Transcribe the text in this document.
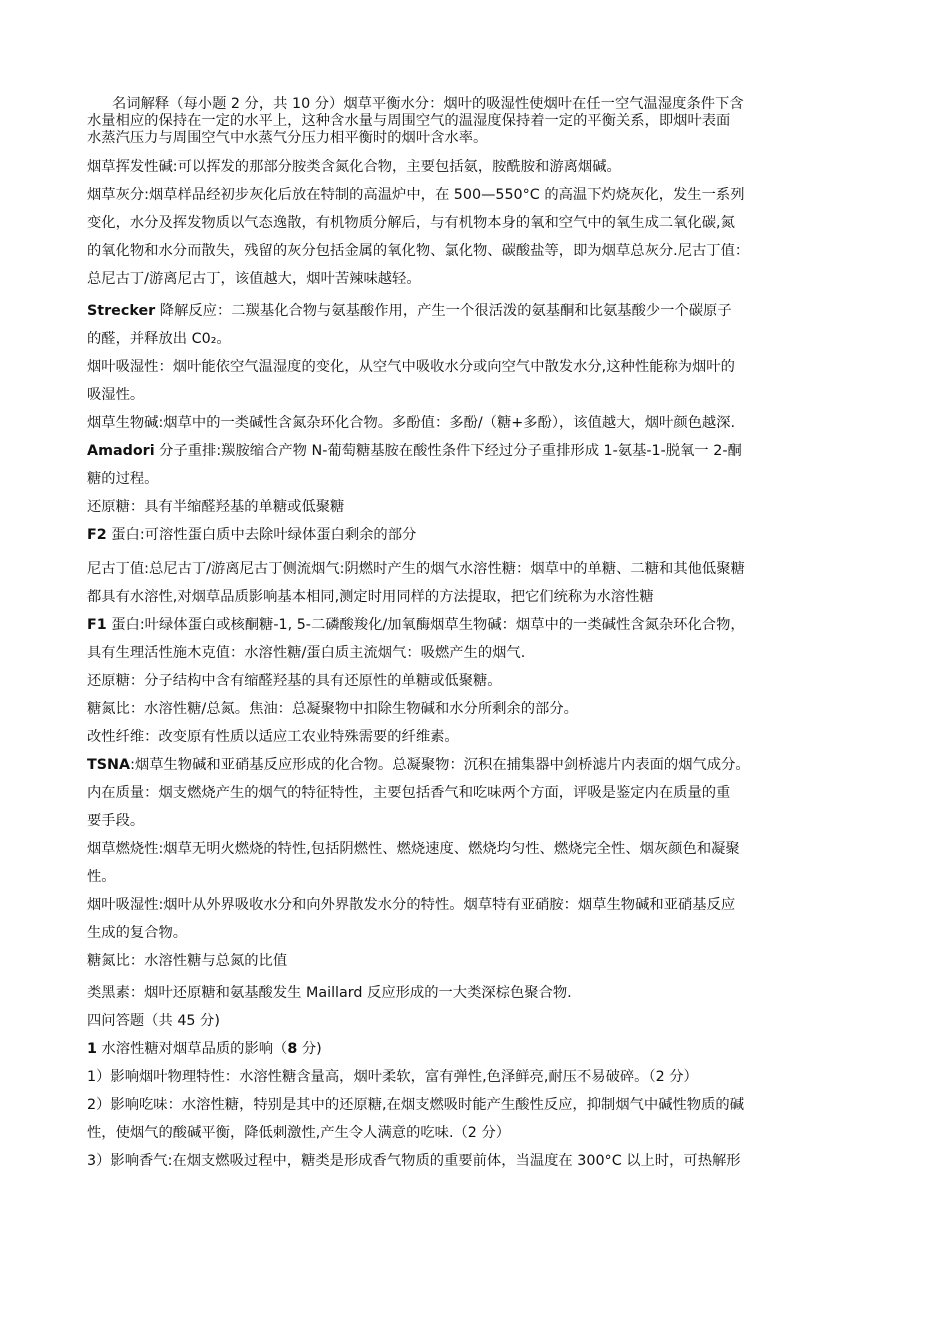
名词解释（每小题 2 分，共 10 分）烟草平衡水分：烟叶的吸湿性使烟叶在任一空气温湿度条件下含

水量相应的保持在一定的水平上，这种含水量与周围空气的温湿度保持着一定的平衡关系，即烟叶表面

水蒸汽压力与周围空气中水蒸气分压力相平衡时的烟叶含水率。

烟草挥发性碱:可以挥发的那部分胺类含氮化合物，主要包括氨，胺酰胺和游离烟碱。

烟草灰分:烟草样品经初步灰化后放在特制的高温炉中，在 500—550°C 的高温下灼烧灰化，发生一系列

变化，水分及挥发物质以气态逸散，有机物质分解后，与有机物本身的氧和空气中的氧生成二氧化碳,氮

的氧化物和水分而散失，残留的灰分包括金属的氧化物、氯化物、碳酸盐等，即为烟草总灰分.尼古丁值：

总尼古丁/游离尼古丁，该值越大，烟叶苦辣味越轻。

Strecker 降解反应：二羰基化合物与氨基酸作用，产生一个很活泼的氨基酮和比氨基酸少一个碳原子

的醛，并释放出 C0₂。

烟叶吸湿性：烟叶能依空气温湿度的变化，从空气中吸收水分或向空气中散发水分,这种性能称为烟叶的

吸湿性。

烟草生物碱:烟草中的一类碱性含氮杂环化合物。多酚值：多酚/（糖+多酚），该值越大，烟叶颜色越深.

Amadori 分子重排:羰胺缩合产物 N-葡萄糖基胺在酸性条件下经过分子重排形成 1-氨基-1-脱氧一 2-酮

糖的过程。

还原糖：具有半缩醛羟基的单糖或低聚糖

F2 蛋白:可溶性蛋白质中去除叶绿体蛋白剩余的部分

尼古丁值:总尼古丁/游离尼古丁侧流烟气:阴燃时产生的烟气水溶性糖：烟草中的单糖、二糖和其他低聚糖

都具有水溶性,对烟草品质影响基本相同,测定时用同样的方法提取，把它们统称为水溶性糖

F1 蛋白:叶绿体蛋白或核酮糖-1, 5-二磷酸羧化/加氧酶烟草生物碱：烟草中的一类碱性含氮杂环化合物，

具有生理活性施木克值：水溶性糖/蛋白质主流烟气：吸燃产生的烟气.

还原糖：分子结构中含有缩醛羟基的具有还原性的单糖或低聚糖。

糖氮比：水溶性糖/总氮。焦油：总凝聚物中扣除生物碱和水分所剩余的部分。

改性纤维：改变原有性质以适应工农业特殊需要的纤维素。

TSNA:烟草生物碱和亚硝基反应形成的化合物。总凝聚物：沉积在捕集器中剑桥滤片内表面的烟气成分。

内在质量：烟支燃烧产生的烟气的特征特性，主要包括香气和吃味两个方面，评吸是鉴定内在质量的重

要手段。

烟草燃烧性:烟草无明火燃烧的特性,包括阴燃性、燃烧速度、燃烧均匀性、燃烧完全性、烟灰颜色和凝聚

性。

烟叶吸湿性:烟叶从外界吸收水分和向外界散发水分的特性。烟草特有亚硝胺：烟草生物碱和亚硝基反应

生成的复合物。

糖氮比：水溶性糖与总氮的比值

类黑素：烟叶还原糖和氨基酸发生 Maillard 反应形成的一大类深棕色聚合物.

四问答题（共 45 分)

1 水溶性糖对烟草品质的影响（8 分)

1）影响烟叶物理特性：水溶性糖含量高，烟叶柔软，富有弹性,色泽鲜亮,耐压不易破碎。（2 分）

2）影响吃味：水溶性糖，特别是其中的还原糖,在烟支燃吸时能产生酸性反应，抑制烟气中碱性物质的碱

性，使烟气的酸碱平衡，降低刺激性,产生令人满意的吃味.（2 分）

3）影响香气:在烟支燃吸过程中，糖类是形成香气物质的重要前体，当温度在 300°C 以上时，可热解形
